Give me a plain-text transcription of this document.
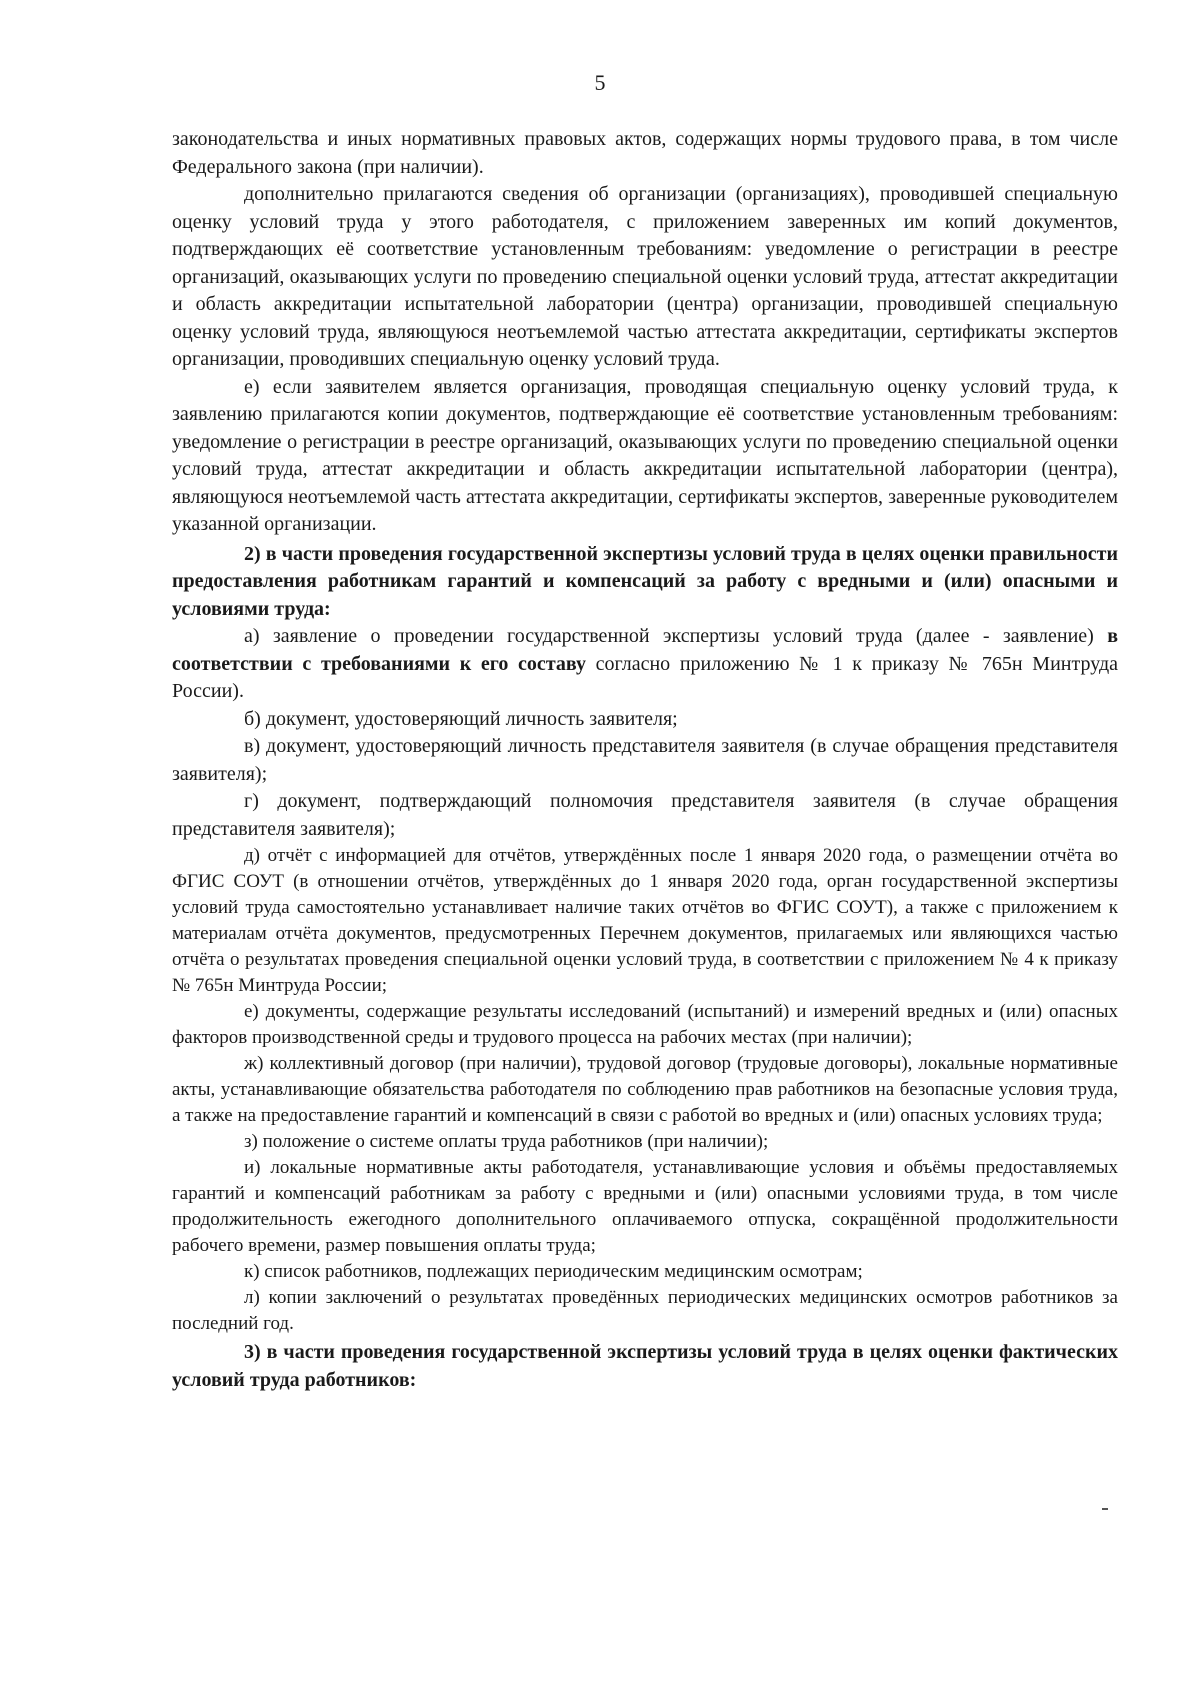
5

законодательства и иных нормативных правовых актов, содержащих нормы трудового права, в том числе Федерального закона (при наличии).

дополнительно прилагаются сведения об организации (организациях), проводившей специальную оценку условий труда у этого работодателя, с приложением заверенных им копий документов, подтверждающих её соответствие установленным требованиям: уведомление о регистрации в реестре организаций, оказывающих услуги по проведению специальной оценки условий труда, аттестат аккредитации и область аккредитации испытательной лаборатории (центра) организации, проводившей специальную оценку условий труда, являющуюся неотъемлемой частью аттестата аккредитации, сертификаты экспертов организации, проводивших специальную оценку условий труда.

е) если заявителем является организация, проводящая специальную оценку условий труда, к заявлению прилагаются копии документов, подтверждающие её соответствие установленным требованиям: уведомление о регистрации в реестре организаций, оказывающих услуги по проведению специальной оценки условий труда, аттестат аккредитации и область аккредитации испытательной лаборатории (центра), являющуюся неотъемлемой часть аттестата аккредитации, сертификаты экспертов, заверенные руководителем указанной организации.

2) в части проведения государственной экспертизы условий труда в целях оценки правильности предоставления работникам гарантий и компенсаций за работу с вредными и (или) опасными и условиями труда:

а) заявление о проведении государственной экспертизы условий труда (далее - заявление) в соответствии с требованиями к его составу согласно приложению № 1 к приказу № 765н Минтруда России).

б) документ, удостоверяющий личность заявителя;

в) документ, удостоверяющий личность представителя заявителя (в случае обращения представителя заявителя);

г) документ, подтверждающий полномочия представителя заявителя (в случае обращения представителя заявителя);

д) отчёт с информацией для отчётов, утверждённых после 1 января 2020 года, о размещении отчёта во ФГИС СОУТ (в отношении отчётов, утверждённых до 1 января 2020 года, орган государственной экспертизы условий труда самостоятельно устанавливает наличие таких отчётов во ФГИС СОУТ), а также с приложением к материалам отчёта документов, предусмотренных Перечнем документов, прилагаемых или являющихся частью отчёта о результатах проведения специальной оценки условий труда, в соответствии с приложением № 4 к приказу № 765н Минтруда России;

е) документы, содержащие результаты исследований (испытаний) и измерений вредных и (или) опасных факторов производственной среды и трудового процесса на рабочих местах (при наличии);

ж) коллективный договор (при наличии), трудовой договор (трудовые договоры), локальные нормативные акты, устанавливающие обязательства работодателя по соблюдению прав работников на безопасные условия труда, а также на предоставление гарантий и компенсаций в связи с работой во вредных и (или) опасных условиях труда;

з) положение о системе оплаты труда работников (при наличии);

и) локальные нормативные акты работодателя, устанавливающие условия и объёмы предоставляемых гарантий и компенсаций работникам за работу с вредными и (или) опасными условиями труда, в том числе продолжительность ежегодного дополнительного оплачиваемого отпуска, сокращённой продолжительности рабочего времени, размер повышения оплаты труда;

к) список работников, подлежащих периодическим медицинским осмотрам;

л) копии заключений о результатах проведённых периодических медицинских осмотров работников за последний год.

3) в части проведения государственной экспертизы условий труда в целях оценки фактических условий труда работников:
